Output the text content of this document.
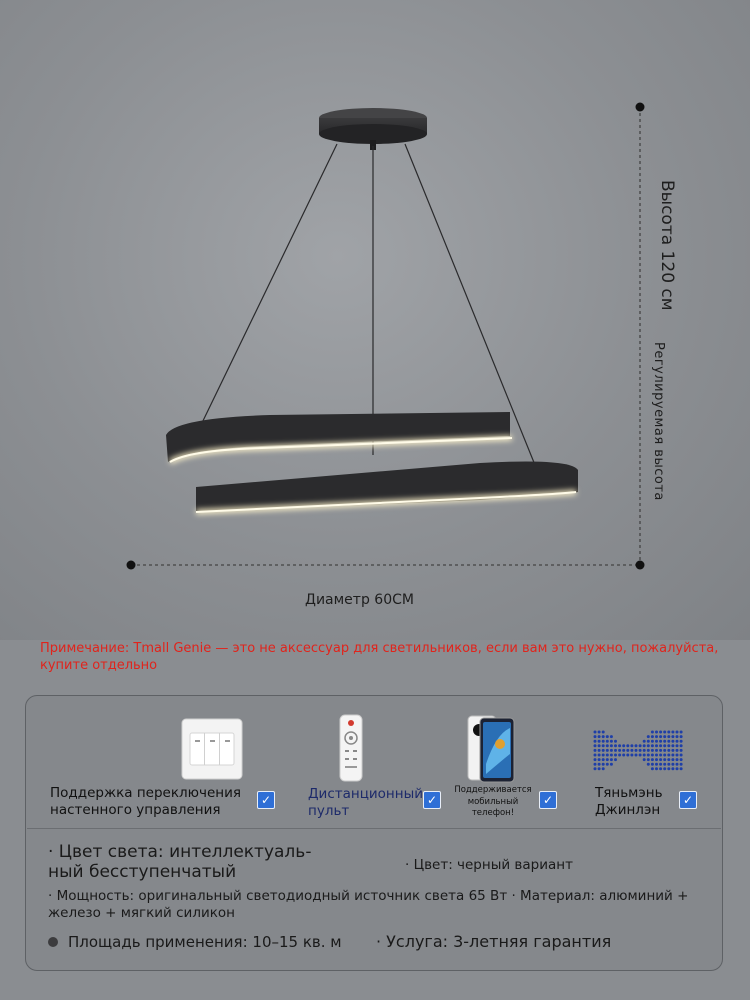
Высота 120 см
Регулируемая высота
Диаметр 60CM
Примечание: Tmall Genie — это не аксессуар для светильников, если вам это нужно, пожалуйста, купите отдельно
Поддержка переключения
настенного управления
✓	Дистанционный
пульт
✓
Поддерживается
мобильный
телефон!
✓	Тяньмэнь
Джинлэн
✓
· Цвет света: интеллектуаль-
ный бесступенчатый	· Цвет: черный вариант
· Мощность: оригинальный светодиодный источник света 65 Вт · Материал: алюминий +
железо + мягкий силикон
Площадь применения: 10–15 кв. м · Услуга: 3-летняя гарантия
